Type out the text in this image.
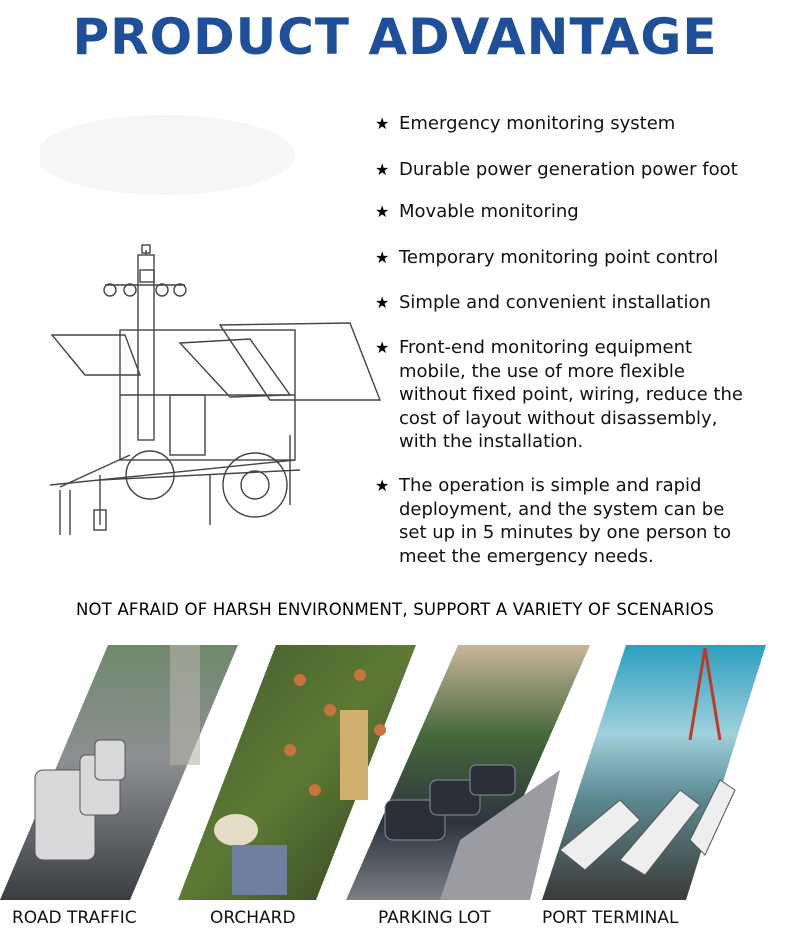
PRODUCT ADVANTAGE
★ Emergency monitoring system
★ Durable power generation power foot
★ Movable monitoring
★ Temporary monitoring point control
★ Simple and convenient installation
★ Front-end monitoring equipment mobile, the use of more flexible without fixed point, wiring, reduce the cost of layout without disassembly, with the installation.
★ The operation is simple and rapid deployment, and the system can be set up in 5 minutes by one person to meet the emergency needs.
NOT AFRAID OF HARSH ENVIRONMENT, SUPPORT A VARIETY OF SCENARIOS
ROAD TRAFFIC	ORCHARD	PARKING LOT	PORT TERMINAL
